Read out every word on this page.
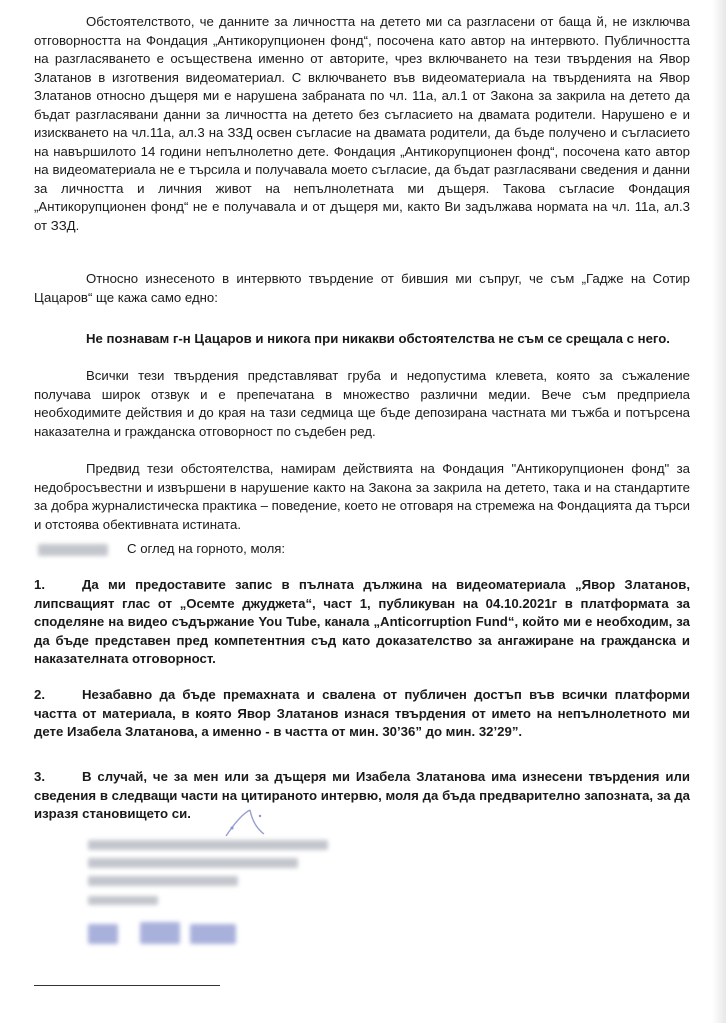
Обстоятелството, че данните за личността на детето ми са разгласени от баща й, не изключва отговорността на Фондация „Антикорупционен фонд“, посочена като автор на интервюто. Публичността на разгласяването е осъществена именно от авторите, чрез включването на тези твърдения на Явор Златанов в изготвения видеоматериал. С включването във видеоматериала на твърденията на Явор Златанов относно дъщеря ми е нарушена забраната по чл. 11а, ал.1 от Закона за закрила на детето да бъдат разгласявани данни за личността на детето без съгласието на двамата родители. Нарушено е и изискването на чл.11а, ал.3 на ЗЗД освен съгласие на двамата родители, да бъде получено и съгласието на навършилото 14 години непълнолетно дете. Фондация „Антикорупционен фонд“, посочена като автор на видеоматериала не е търсила и получавала моето съгласие, да бъдат разгласявани сведения и данни за личността и личния живот на непълнолетната ми дъщеря. Такова съгласие Фондация „Антикорупционен фонд“ не е получавала и от дъщеря ми, както Ви задължава нормата на чл. 11а, ал.3 от ЗЗД.

Относно изнесеното в интервюто твърдение от бившия ми съпруг, че съм „Гадже на Сотир Цацаров“ ще кажа само едно:

Не познавам г-н Цацаров и никога при никакви обстоятелства не съм се срещала с него.

Всички тези твърдения представляват груба и недопустима клевета, която за съжаление получава широк отзвук и е препечатана в множество различни медии. Вече съм предприела необходимите действия и до края на тази седмица ще бъде депозирана частната ми тъжба и потърсена наказателна и гражданска отговорност по съдебен ред.

Предвид тези обстоятелства, намирам действията на Фондация "Антикорупционен фонд" за недобросъвестни и извършени в нарушение както на Закона за закрила на детето, така и на стандартите за добра журналистическа практика – поведение, което не отговаря на стремежа на Фондацията да търси и отстоява обективната истината.

С оглед на горното, моля:

1.	Да ми предоставите запис в пълната дължина на видеоматериала „Явор Златанов, липсващият глас от „Осемте джуджета“, част 1, публикуван на 04.10.2021г в платформата за споделяне на видео съдържание You Tube, канала „Anticorruption Fund“, който ми е необходим, за да бъде представен пред компетентния съд като доказателство за ангажиране на гражданска и наказателната отговорност.

2.	Незабавно да бъде премахната и свалена от публичен достъп във всички платформи частта от материала, в която Явор Златанов изнася твърдения от името на непълнолетното ми дете Изабела Златанова, а именно - в частта от мин. 30’36” до мин. 32’29”.

3.	В случай, че за мен или за дъщеря ми Изабела Златанова има изнесени твърдения или сведения в следващи части на цитираното интервю, моля да бъда предварително запозната, за да изразя становището си.
